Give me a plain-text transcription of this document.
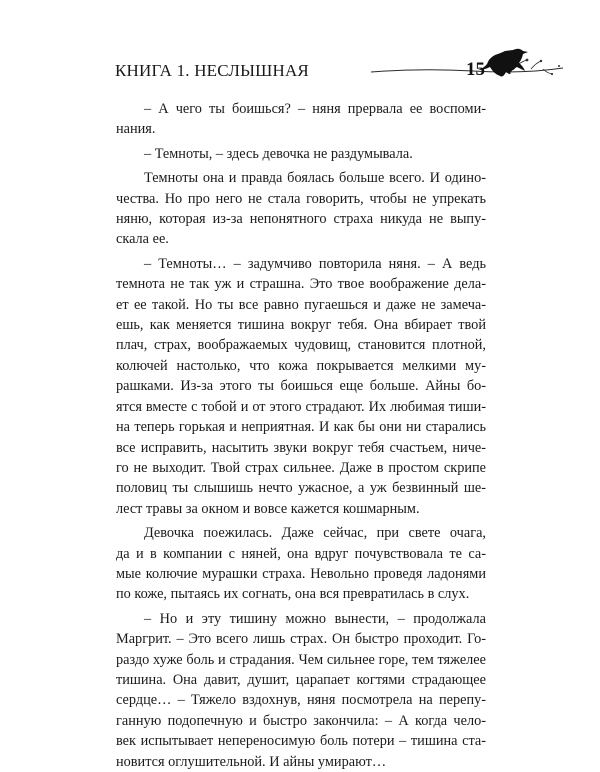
КНИГА 1. НЕСЛЫШНАЯ	15
– А чего ты боишься? – няня прервала ее воспоми-
нания.
– Темноты, – здесь девочка не раздумывала.
Темноты она и правда боялась больше всего. И одино-
чества. Но про него не стала говорить, чтобы не упрекать
няню, которая из-за непонятного страха никуда не выпу-
скала ее.
– Темноты… – задумчиво повторила няня. – А ведь
темнота не так уж и страшна. Это твое воображение дела-
ет ее такой. Но ты все равно пугаешься и даже не замеча-
ешь, как меняется тишина вокруг тебя. Она вбирает твой
плач, страх, воображаемых чудовищ, становится плотной,
колючей настолько, что кожа покрывается мелкими му-
рашками. Из-за этого ты боишься еще больше. Айны бо-
ятся вместе с тобой и от этого страдают. Их любимая тиши-
на теперь горькая и неприятная. И как бы они ни старались
все исправить, насытить звуки вокруг тебя счастьем, ниче-
го не выходит. Твой страх сильнее. Даже в простом скрипе
половиц ты слышишь нечто ужасное, а уж безвинный ше-
лест травы за окном и вовсе кажется кошмарным.
Девочка поежилась. Даже сейчас, при свете очага,
да и в компании с няней, она вдруг почувствовала те са-
мые колючие мурашки страха. Невольно проведя ладонями
по коже, пытаясь их согнать, она вся превратилась в слух.
– Но и эту тишину можно вынести, – продолжала
Маргрит. – Это всего лишь страх. Он быстро проходит. Го-
раздо хуже боль и страдания. Чем сильнее горе, тем тяжелее
тишина. Она давит, душит, царапает когтями страдающее
сердце… – Тяжело вздохнув, няня посмотрела на перепу-
ганную подопечную и быстро закончила: – А когда чело-
век испытывает непереносимую боль потери – тишина ста-
новится оглушительной. И айны умирают…
